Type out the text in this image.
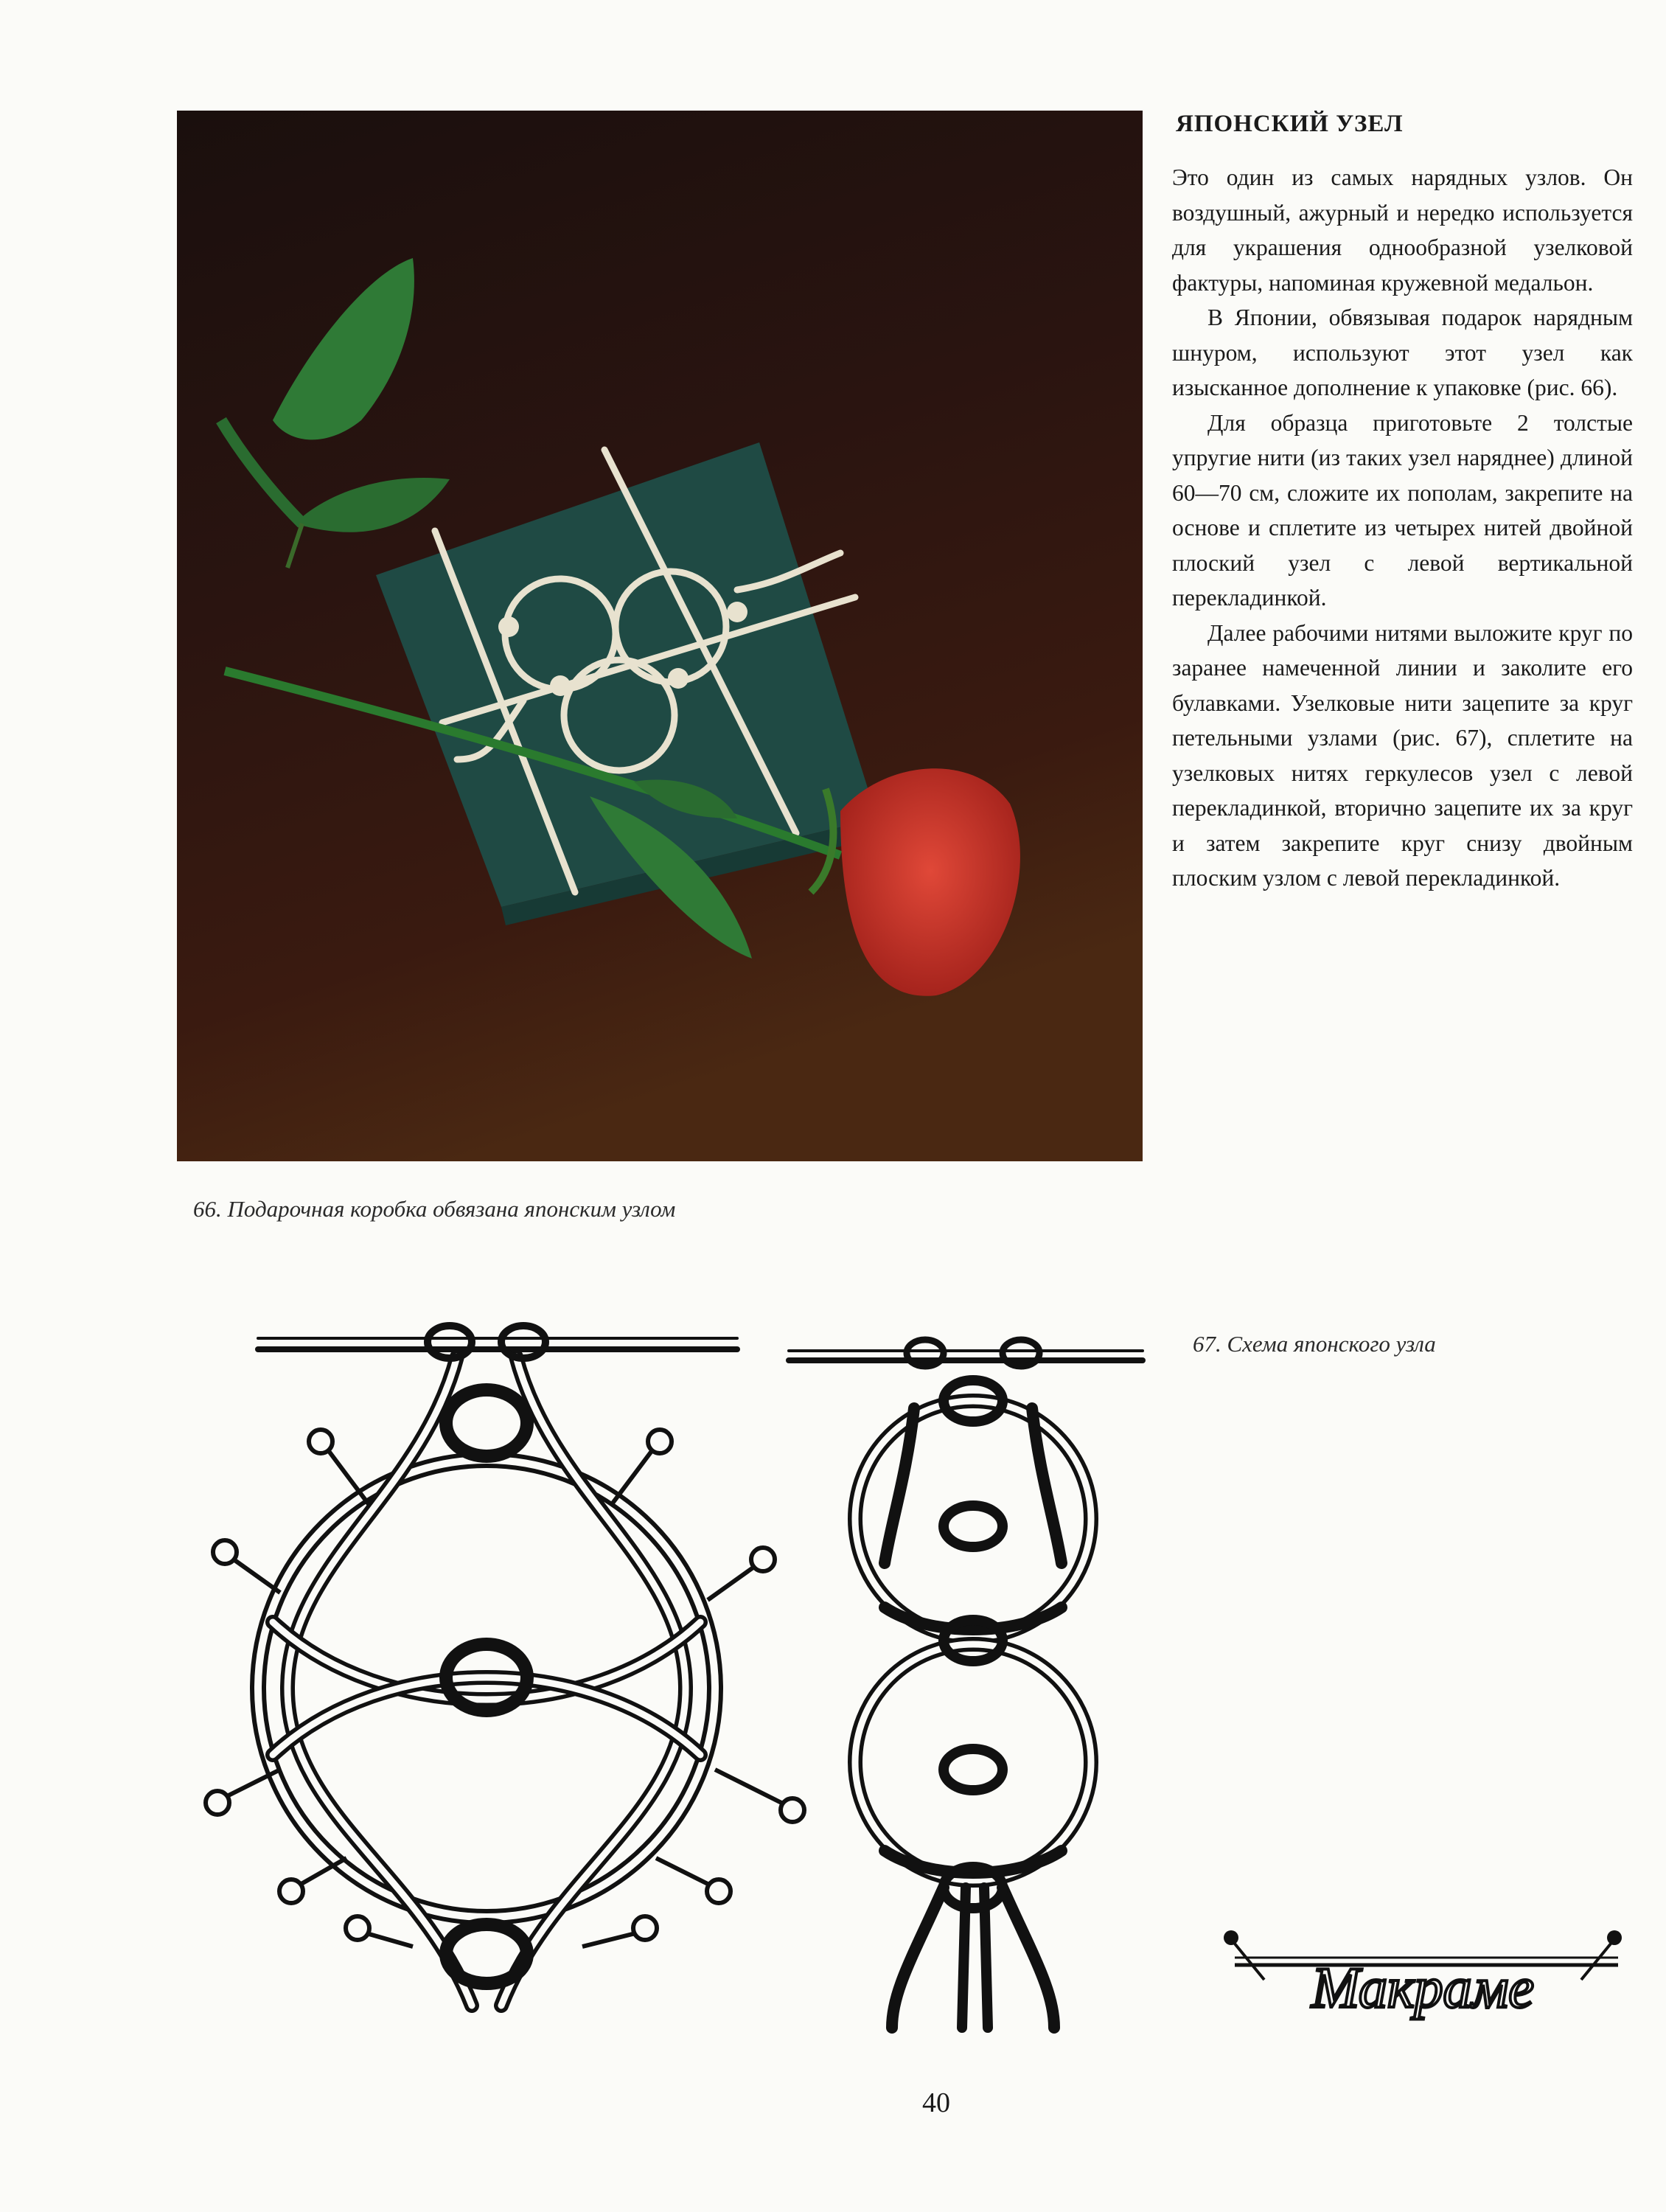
66. Подарочная коробка обвязана японским узлом
ЯПОНСКИЙ УЗЕЛ

Это один из самых нарядных узлов. Он воздушный, ажурный и нередко используется для украшения однообразной узелковой фактуры, напоминая кружевной медальон.

В Японии, обвязывая подарок нарядным шнуром, используют этот узел как изысканное дополнение к упаковке (рис. 66).

Для образца приготовьте 2 толстые упругие нити (из таких узел наряднее) длиной 60—70 см, сложите их пополам, закрепите на основе и сплетите из четырех нитей двойной плоский узел с левой вертикальной перекладинкой.

Далее рабочими нитями выложите круг по заранее намеченной линии и заколите его булавками. Узелковые нити зацепите за круг петельными узлами (рис. 67), сплетите на узелковых нитях геркулесов узел с левой перекладинкой, вторично зацепите их за круг и затем закрепите круг снизу двойным плоским узлом с левой перекладинкой.

67. Схема японского узла
Макраме
40
